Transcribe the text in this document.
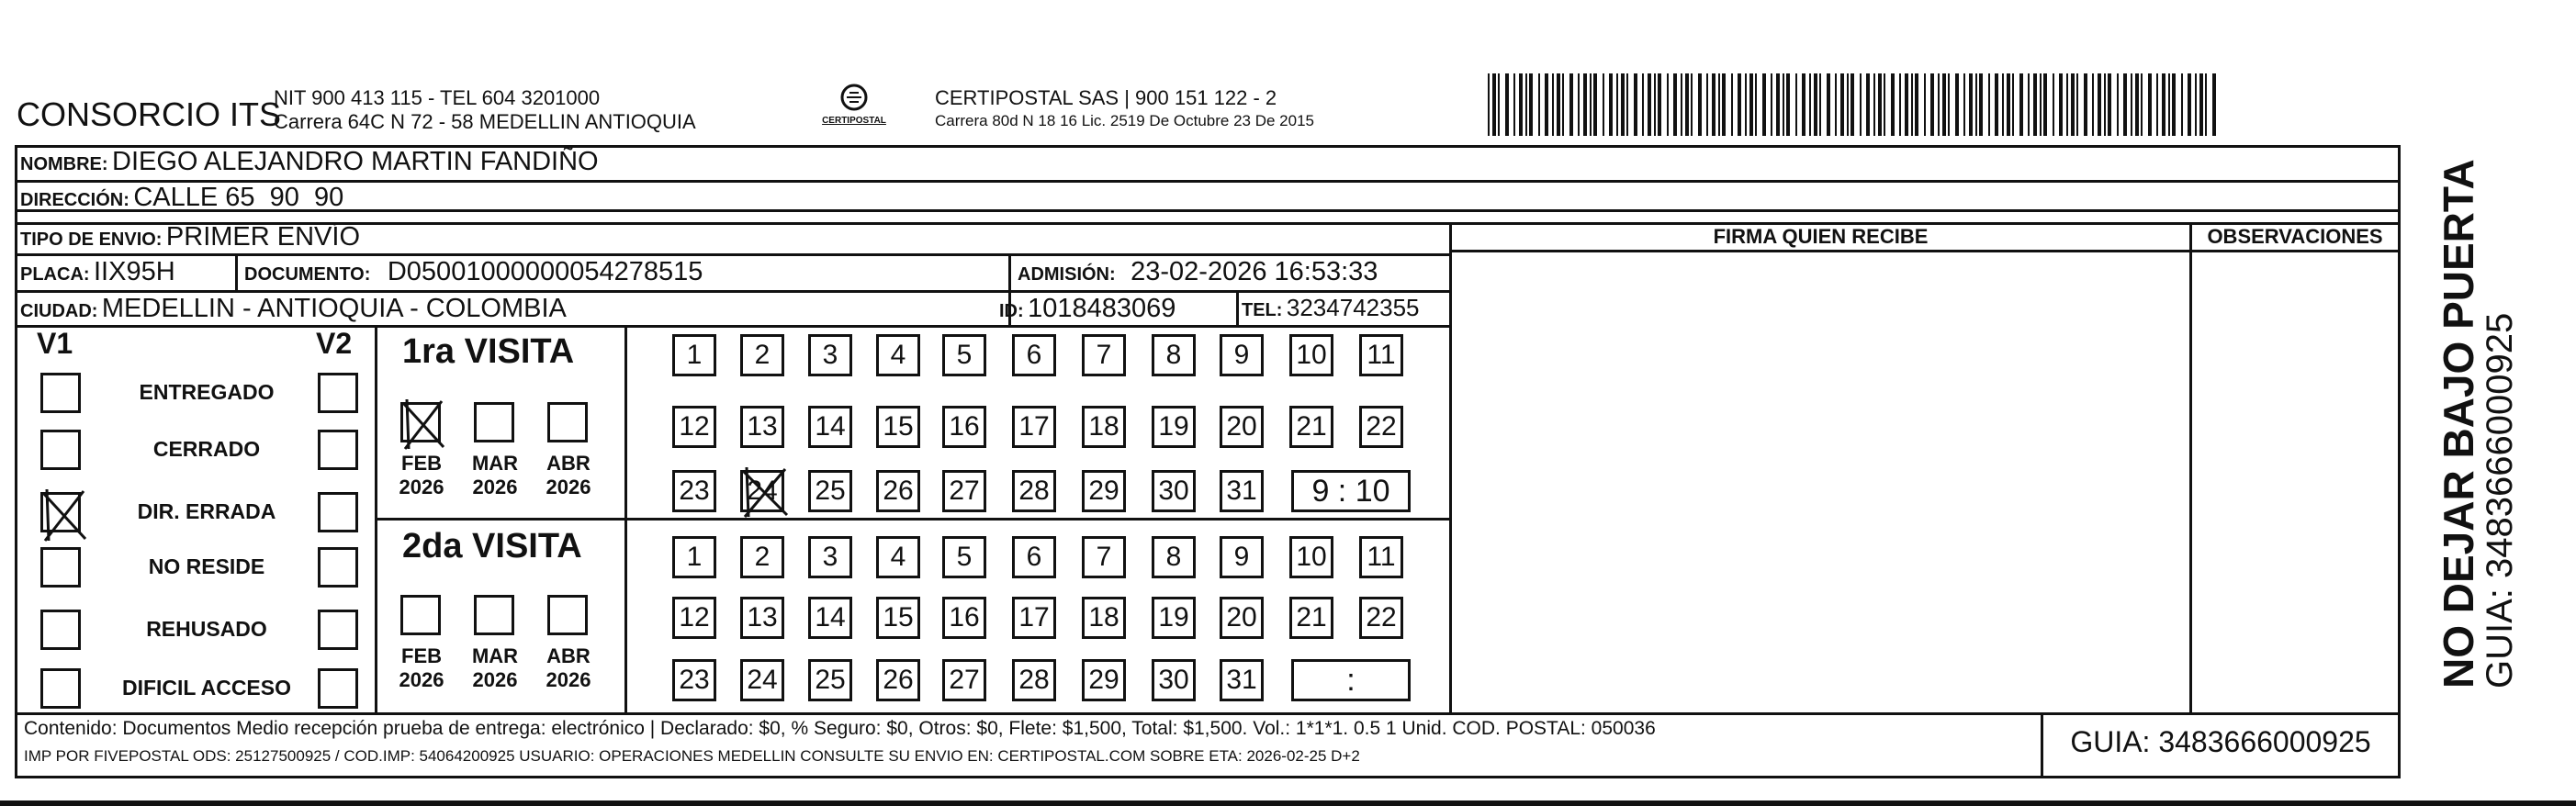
CONSORCIO ITS
NIT 900 413 115 - TEL 604 3201000
Carrera 64C N 72 - 58 MEDELLIN ANTIOQUIA	CERTIPOSTAL
CERTIPOSTAL SAS | 900 151 122 - 2
Carrera 80d N 18 16 Lic. 2519 De Octubre 23 De 2015
NOMBRE: DIEGO ALEJANDRO MARTIN FANDIÑO
DIRECCIÓN: CALLE 65  90  90
TIPO DE ENVIO: PRIMER ENVÍO
PLACA: IIX95H	DOCUMENTO: D05001000000054278515	ADMISIÓN: 23-02-2026 16:53:33
CIUDAD: MEDELLIN - ANTIOQUIA - COLOMBIA	ID: 1018483069	TEL: 3234742355
FIRMA QUIEN RECIBE	OBSERVACIONES
V1	V2
ENTREGADO
CERRADO
DIR. ERRADA
NO RESIDE
REHUSADO
DIFICIL ACCESO
1ra VISITA
2da VISITA
FEB
2026
MAR
2026
ABR
2026
FEB
2026
MAR
2026
ABR
2026
1	2	3	4	5	6	7	8	9	10 11
12 13 14 15 16 17 18 19 20 21 22
23 24 25 26 27 28 29 30 31	9 : 10
1	2	3	4	5	6	7	8	9	10 11
12 13 14 15 16 17 18 19 20 21 22
23 24 25 26 27 28 29 30 31	:
Contenido: Documentos Medio recepción prueba de entrega: electrónico | Declarado: $0, % Seguro: $0, Otros: $0, Flete: $1,500, Total: $1,500. Vol.: 1*1*1. 0.5 1 Unid. COD. POSTAL: 050036
IMP POR FIVEPOSTAL ODS: 25127500925 / COD.IMP: 54064200925 USUARIO: OPERACIONES MEDELLIN CONSULTE SU ENVIO EN: CERTIPOSTAL.COM SOBRE ETA: 2026-02-25 D+2	GUIA: 3483666000925
NO DEJAR BAJO PUERTA
GUIA: 3483666000925
